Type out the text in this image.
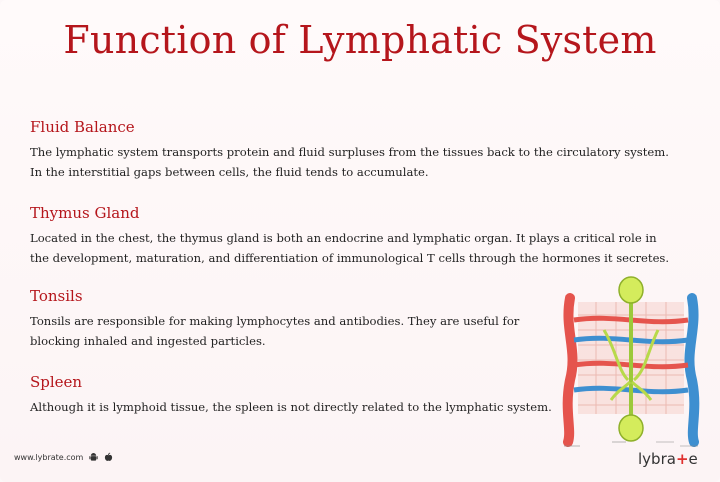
Function of Lymphatic System
Fluid Balance

The lymphatic system transports protein and fluid surpluses from the tissues back to the circulatory system.
In the interstitial gaps between cells, the fluid tends to accumulate.

Thymus Gland

Located in the chest, the thymus gland is both an endocrine and lymphatic organ. It plays a critical role in
the development, maturation, and differentiation of immunological T cells through the hormones it secretes.

Tonsils

Tonsils are responsible for making lymphocytes and antibodies. They are useful for
blocking inhaled and ingested particles.

Spleen

Although it is lymphoid tissue, the spleen is not directly related to the lymphatic system.

www.lybrate.com	lybra+e
